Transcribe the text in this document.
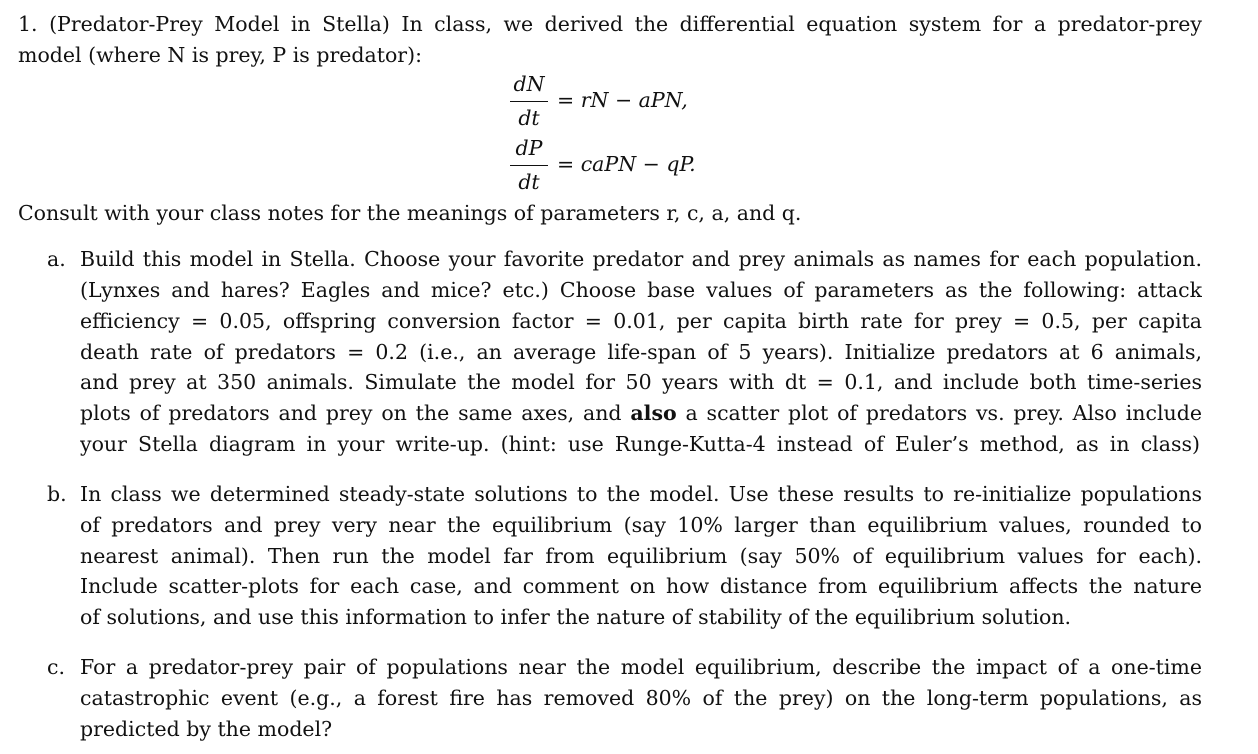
1. (Predator-Prey Model in Stella) In class, we derived the differential equation system for a predator-prey
model (where N is prey, P is predator):
dN
dt
= rN − aPN,
dP
dt
= caPN − qP.
Consult with your class notes for the meanings of parameters r, c, a, and q.
a. Build this model in Stella. Choose your favorite predator and prey animals as names for each population.
(Lynxes and hares? Eagles and mice? etc.) Choose base values of parameters as the following: attack
efficiency = 0.05, offspring conversion factor = 0.01, per capita birth rate for prey = 0.5, per capita
death rate of predators = 0.2 (i.e., an average life-span of 5 years). Initialize predators at 6 animals,
and prey at 350 animals. Simulate the model for 50 years with dt = 0.1, and include both time-series
plots of predators and prey on the same axes, and also a scatter plot of predators vs. prey. Also include
your Stella diagram in your write-up. (hint: use Runge-Kutta-4 instead of Euler’s method, as in class)
b. In class we determined steady-state solutions to the model. Use these results to re-initialize populations
of predators and prey very near the equilibrium (say 10% larger than equilibrium values, rounded to
nearest animal). Then run the model far from equilibrium (say 50% of equilibrium values for each).
Include scatter-plots for each case, and comment on how distance from equilibrium affects the nature
of solutions, and use this information to infer the nature of stability of the equilibrium solution.
c. For a predator-prey pair of populations near the model equilibrium, describe the impact of a one-time
catastrophic event (e.g., a forest fire has removed 80% of the prey) on the long-term populations, as
predicted by the model?
